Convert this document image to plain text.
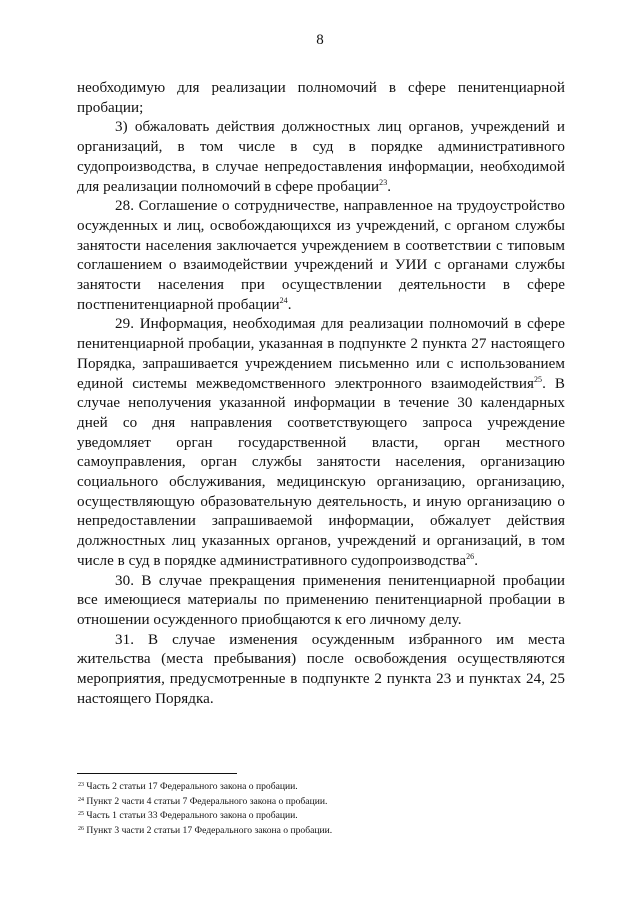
8

необходимую для реализации полномочий в сфере пенитенциарной пробации;

3) обжаловать действия должностных лиц органов, учреждений и организаций, в том числе в суд в порядке административного судопроизводства, в случае непредоставления информации, необходимой для реализации полномочий в сфере пробации$^{23}$.

28. Соглашение о сотрудничестве, направленное на трудоустройство осужденных и лиц, освобождающихся из учреждений, с органом службы занятости населения заключается учреждением в соответствии с типовым соглашением о взаимодействии учреждений и УИИ с органами службы занятости населения при осуществлении деятельности в сфере постпенитенциарной пробации$^{24}$.

29. Информация, необходимая для реализации полномочий в сфере пенитенциарной пробации, указанная в подпункте 2 пункта 27 настоящего Порядка, запрашивается учреждением письменно или с использованием единой системы межведомственного электронного взаимодействия$^{25}$. В случае неполучения указанной информации в течение 30 календарных дней со дня направления соответствующего запроса учреждение уведомляет орган государственной власти, орган местного самоуправления, орган службы занятости населения, организацию социального обслуживания, медицинскую организацию, организацию, осуществляющую образовательную деятельность, и иную организацию о непредоставлении запрашиваемой информации, обжалует действия должностных лиц указанных органов, учреждений и организаций, в том числе в суд в порядке административного судопроизводства$^{26}$.

30. В случае прекращения применения пенитенциарной пробации все имеющиеся материалы по применению пенитенциарной пробации в отношении осужденного приобщаются к его личному делу.

31. В случае изменения осужденным избранного им места жительства (места пребывания) после освобождения осуществляются мероприятия, предусмотренные в подпункте 2 пункта 23 и пунктах 24, 25 настоящего Порядка.

$^{23}$ Часть 2 статьи 17 Федерального закона о пробации.
$^{24}$ Пункт 2 части 4 статьи 7 Федерального закона о пробации.
$^{25}$ Часть 1 статьи 33 Федерального закона о пробации.
$^{26}$ Пункт 3 части 2 статьи 17 Федерального закона о пробации.
